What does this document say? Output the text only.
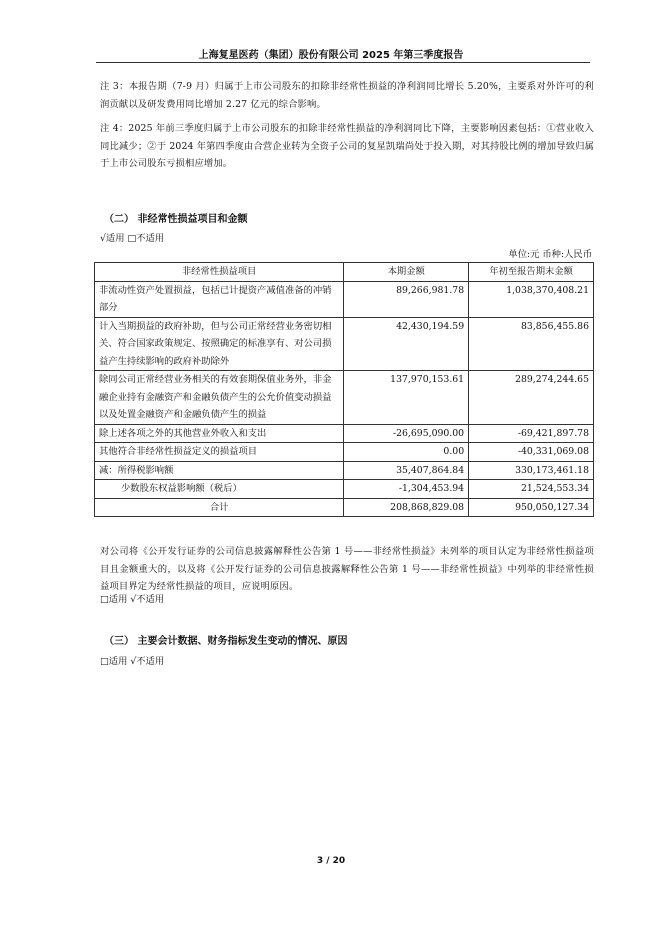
上海复星医药（集团）股份有限公司 2025 年第三季度报告

注 3：本报告期（7-9 月）归属于上市公司股东的扣除非经常性损益的净利润同比增长 5.20%，主要系对外许可的利润贡献以及研发费用同比增加 2.27 亿元的综合影响。

注 4：2025 年前三季度归属于上市公司股东的扣除非经常性损益的净利润同比下降，主要影响因素包括：①营业收入同比减少；②于 2024 年第四季度由合营企业转为全资子公司的复星凯瑞尚处于投入期，对其持股比例的增加导致归属于上市公司股东亏损相应增加。

（二） 非经常性损益项目和金额

√适用 □不适用

单位:元 币种:人民币
非经常性损益项目	本期金额	年初至报告期末金额
非流动性资产处置损益，包括已计提资产减值准备的冲销部分	89,266,981.78	1,038,370,408.21
计入当期损益的政府补助，但与公司正常经营业务密切相关、符合国家政策规定、按照确定的标准享有、对公司损益产生持续影响的政府补助除外	42,430,194.59	83,856,455.86
除同公司正常经营业务相关的有效套期保值业务外，非金融企业持有金融资产和金融负债产生的公允价值变动损益以及处置金融资产和金融负债产生的损益	137,970,153.61	289,274,244.65
除上述各项之外的其他营业外收入和支出	-26,695,090.00	-69,421,897.78
其他符合非经常性损益定义的损益项目	0.00	-40,331,069.08
减：所得税影响额	35,407,864.84	330,173,461.18
少数股东权益影响额（税后）	-1,304,453.94	21,524,553.34
合计	208,868,829.08	950,050,127.34

对公司将《公开发行证券的公司信息披露解释性公告第 1 号——非经常性损益》未列举的项目认定为非经常性损益项目且金额重大的，以及将《公开发行证券的公司信息披露解释性公告第 1 号——非经常性损益》中列举的非经常性损益项目界定为经常性损益的项目，应说明原因。

□适用 √不适用

（三） 主要会计数据、财务指标发生变动的情况、原因

□适用 √不适用

3 / 20
